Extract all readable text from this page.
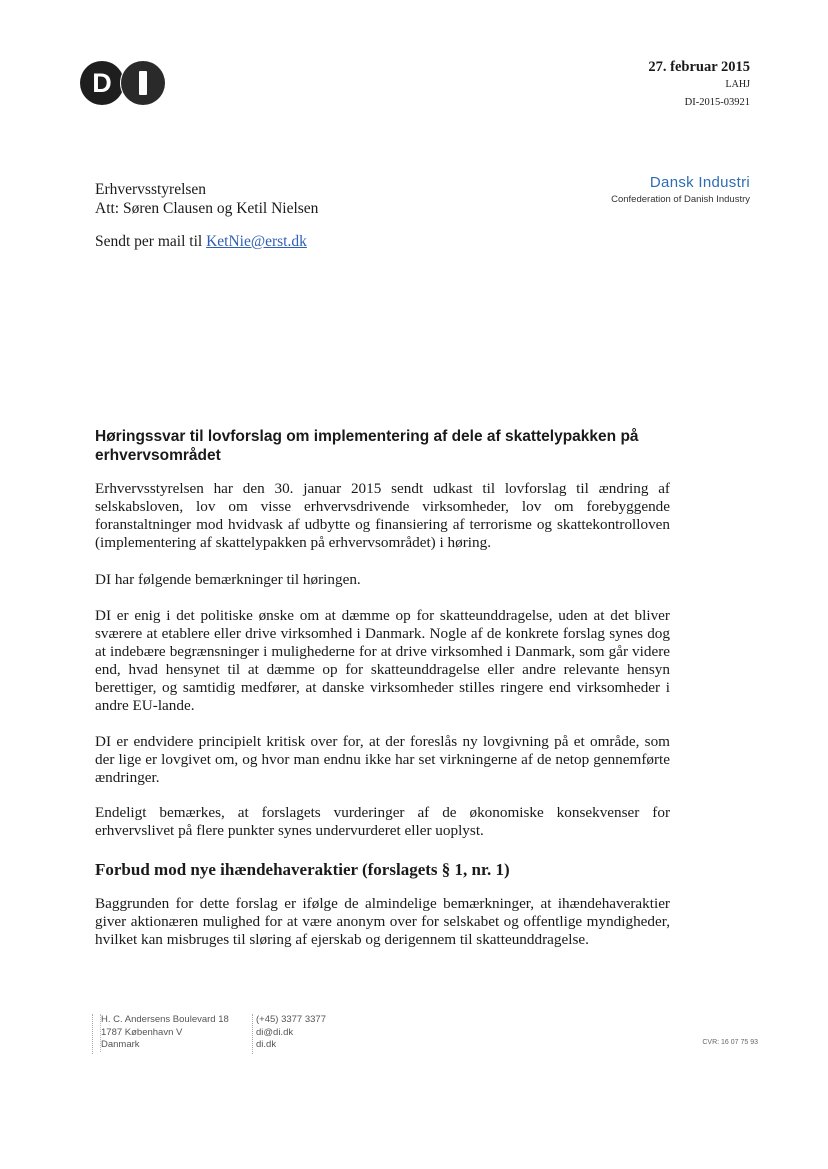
D
27. februar 2015
LAHJ
DI-2015-03921
Dansk Industri
Confederation of Danish Industry
Erhvervsstyrelsen
Att: Søren Clausen og Ketil Nielsen
Sendt per mail til KetNie@erst.dk
Høringssvar til lovforslag om implementering af dele af skattelypakken på erhvervsområdet

Erhvervsstyrelsen har den 30. januar 2015 sendt udkast til lovforslag til ændring af selskabsloven, lov om visse erhvervsdrivende virksomheder, lov om forebyggende foranstaltninger mod hvidvask af udbytte og finansiering af terrorisme og skattekontrolloven (implementering af skattelypakken på erhvervsområdet) i høring.

DI har følgende bemærkninger til høringen.

DI er enig i det politiske ønske om at dæmme op for skatteunddragelse, uden at det bliver sværere at etablere eller drive virksomhed i Danmark. Nogle af de konkrete forslag synes dog at indebære begrænsninger i mulighederne for at drive virksomhed i Danmark, som går videre end, hvad hensynet til at dæmme op for skatteunddragelse eller andre relevante hensyn berettiger, og samtidig medfører, at danske virksomheder stilles ringere end virksomheder i andre EU-lande.

DI er endvidere principielt kritisk over for, at der foreslås ny lovgivning på et område, som der lige er lovgivet om, og hvor man endnu ikke har set virkningerne af de netop gennemførte ændringer.

Endeligt bemærkes, at forslagets vurderinger af de økonomiske konsekvenser for erhvervslivet på flere punkter synes undervurderet eller uoplyst.

Forbud mod nye ihændehaveraktier (forslagets § 1, nr. 1)

Baggrunden for dette forslag er ifølge de almindelige bemærkninger, at ihændehaveraktier giver aktionæren mulighed for at være anonym over for selskabet og offentlige myndigheder, hvilket kan misbruges til sløring af ejerskab og derigennem til skatteunddragelse.

H. C. Andersens Boulevard 18
1787 København V
Danmark
(+45) 3377 3377
di@di.dk
di.dk	CVR: 16 07 75 93
